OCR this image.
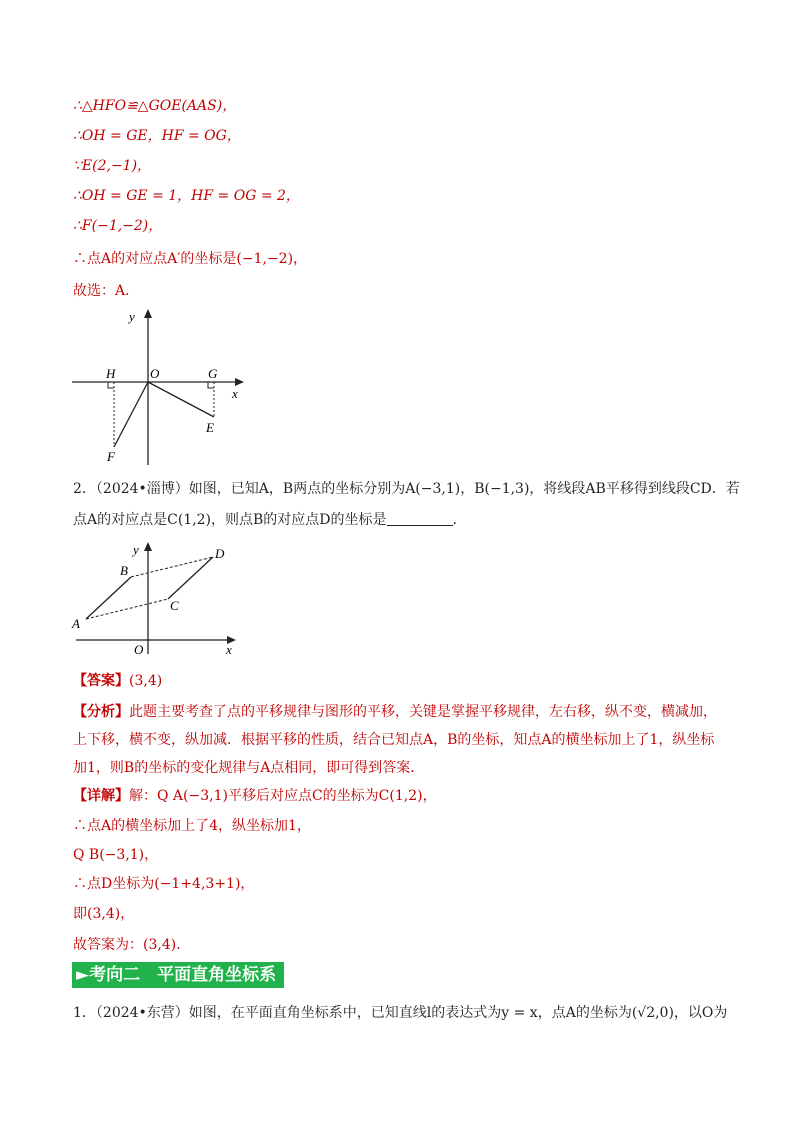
∴△HFO≌△GOE(AAS)，
∴OH = GE，HF = OG，
∵E(2,−1)，
∴OH = GE = 1，HF = OG = 2，
∴F(−1,−2)，
∴点A的对应点A′的坐标是(−1,−2)，
故选：A．
y
x
H	O	G
E
F
2．（2024•淄博）如图，已知A，B两点的坐标分别为A(−3,1)，B(−1,3)，将线段AB平移得到线段CD．若
点A的对应点是C(1,2)，则点B的对应点D的坐标是	．
y
x
O
A
B
C
D
【答案】(3,4)
【分析】此题主要考查了点的平移规律与图形的平移，关键是掌握平移规律，左右移，纵不变，横减加，
上下移，横不变，纵加减．根据平移的性质，结合已知点A，B的坐标，知点A的横坐标加上了1，纵坐标
加1，则B的坐标的变化规律与A点相同，即可得到答案．
【详解】解：Q A(−3,1)平移后对应点C的坐标为C(1,2)，
∴点A的横坐标加上了4，纵坐标加1，
Q B(−3,1)，
∴点D坐标为(−1+4,3+1)，
即(3,4)，
故答案为：(3,4)．
►考向二　平面直角坐标系
1．（2024•东营）如图，在平面直角坐标系中，已知直线l的表达式为y = x，点A的坐标为(√2,0)，以O为
